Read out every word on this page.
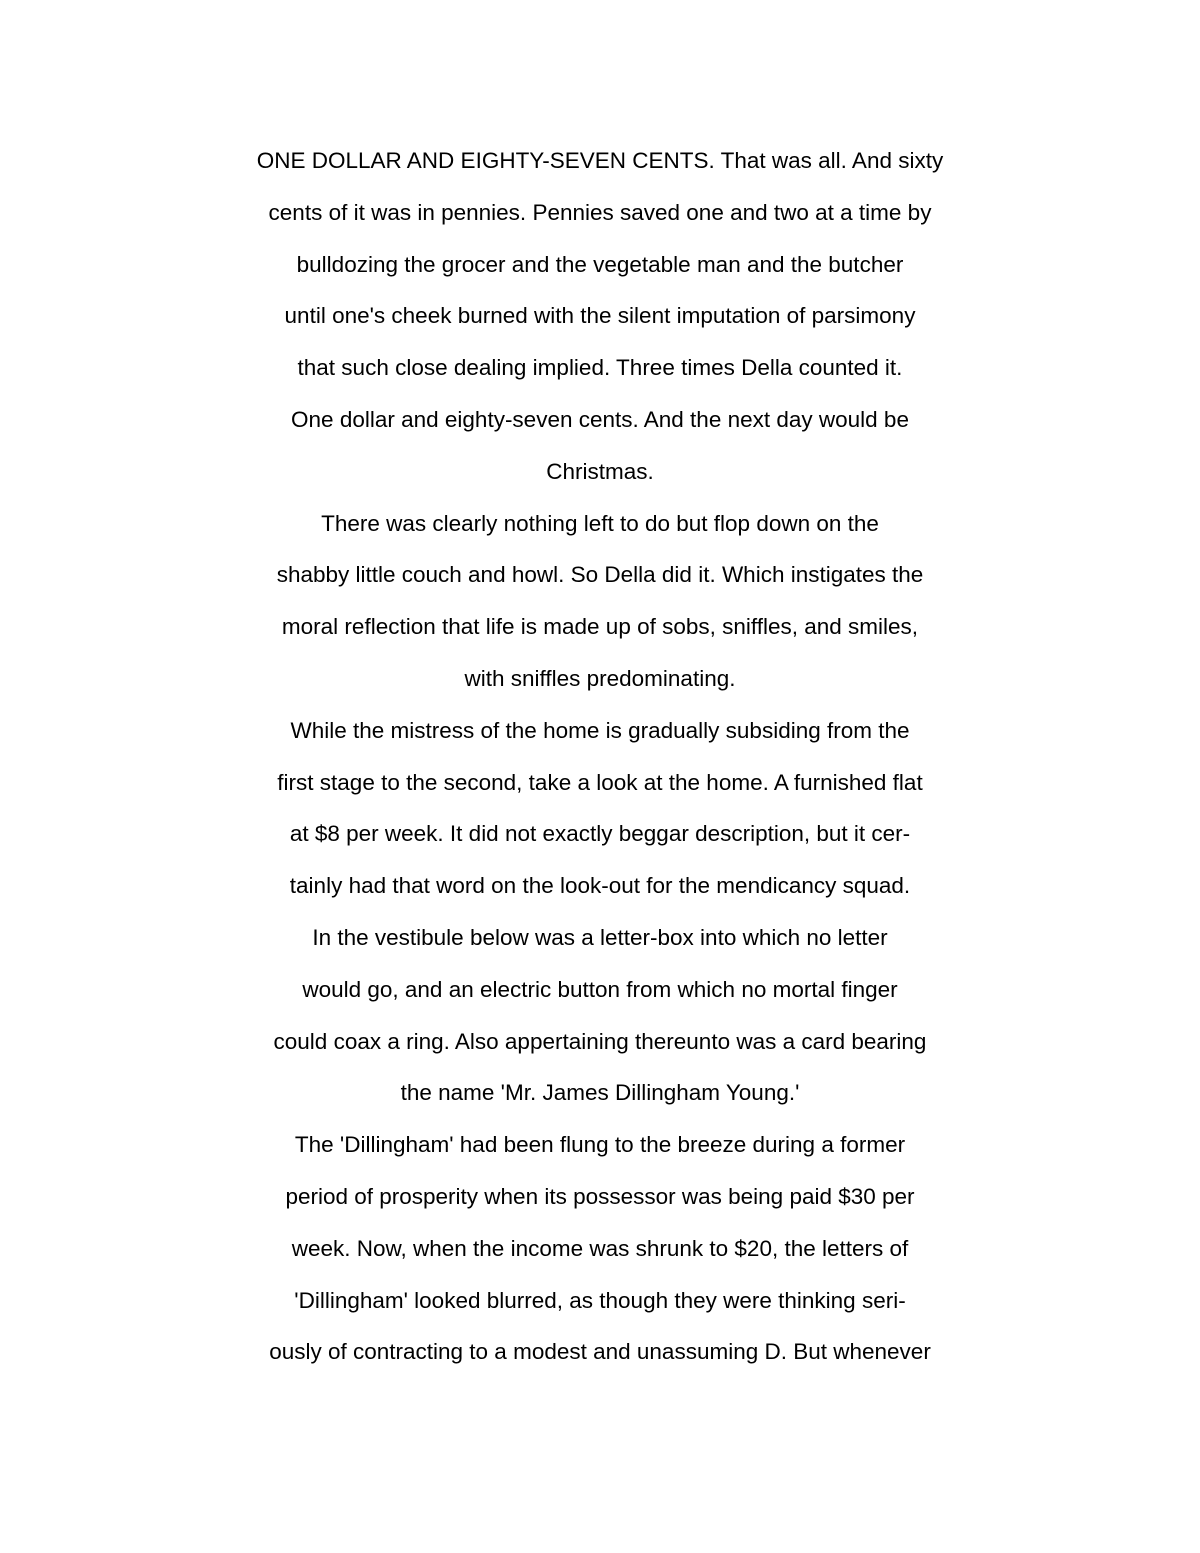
ONE DOLLAR AND EIGHTY-SEVEN CENTS. That was all. And sixty
cents of it was in pennies. Pennies saved one and two at a time by
bulldozing the grocer and the vegetable man and the butcher
until one's cheek burned with the silent imputation of parsimony
that such close dealing implied. Three times Della counted it.
One dollar and eighty-seven cents. And the next day would be
Christmas.
There was clearly nothing left to do but flop down on the
shabby little couch and howl. So Della did it. Which instigates the
moral reflection that life is made up of sobs, sniffles, and smiles,
with sniffles predominating.
While the mistress of the home is gradually subsiding from the
first stage to the second, take a look at the home. A furnished flat
at $8 per week. It did not exactly beggar description, but it cer-
tainly had that word on the look-out for the mendicancy squad.
In the vestibule below was a letter-box into which no letter
would go, and an electric button from which no mortal finger
could coax a ring. Also appertaining thereunto was a card bearing
the name 'Mr. James Dillingham Young.'
The 'Dillingham' had been flung to the breeze during a former
period of prosperity when its possessor was being paid $30 per
week. Now, when the income was shrunk to $20, the letters of
'Dillingham' looked blurred, as though they were thinking seri-
ously of contracting to a modest and unassuming D. But whenever
